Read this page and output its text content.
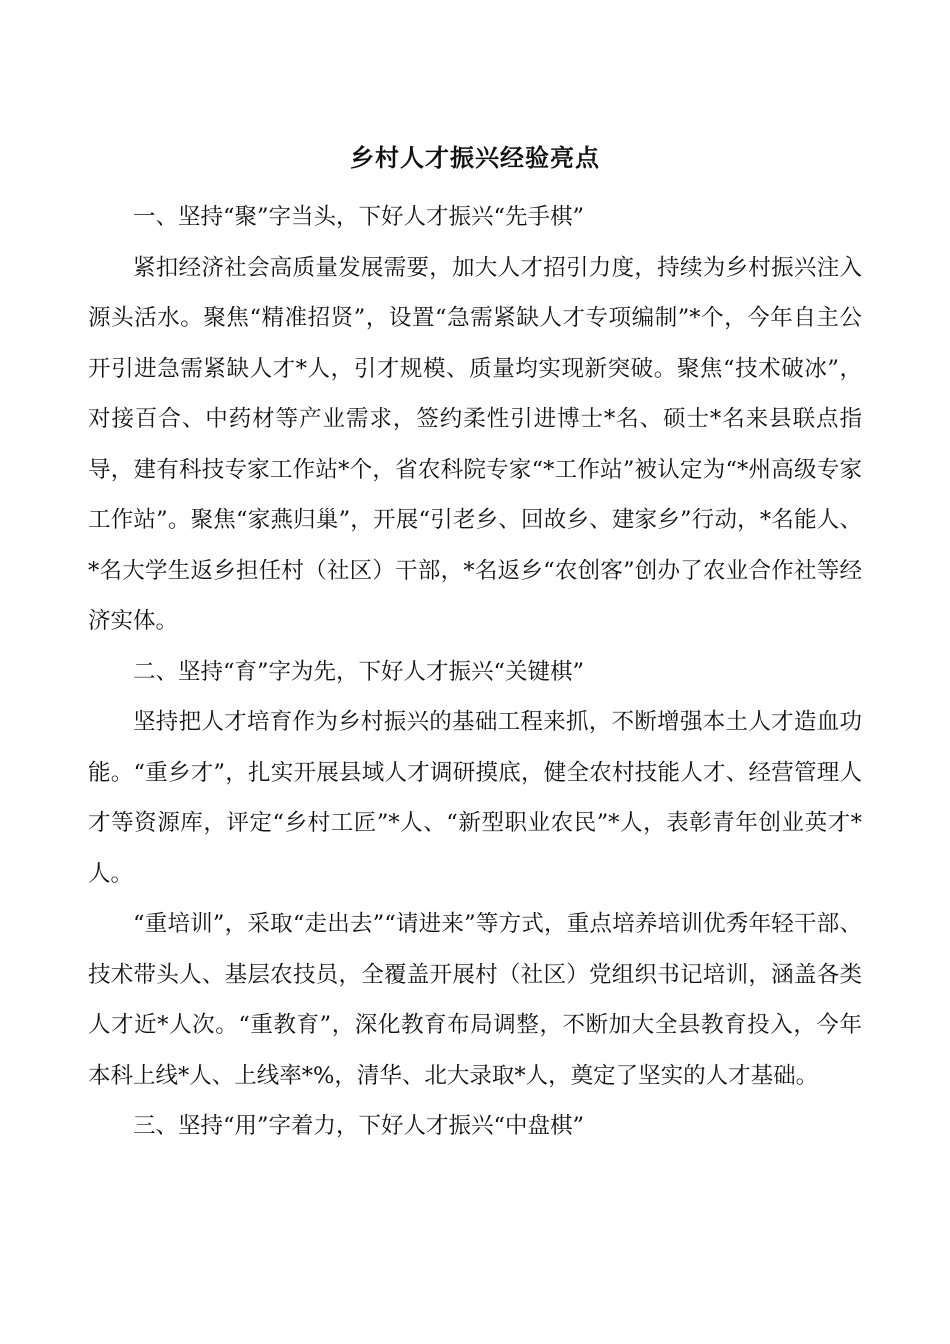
乡村人才振兴经验亮点

一、坚持“聚”字当头，下好人才振兴“先手棋”

紧扣经济社会高质量发展需要，加大人才招引力度，持续为乡村振兴注入源头活水。聚焦“精准招贤”，设置“急需紧缺人才专项编制”*个，今年自主公开引进急需紧缺人才*人，引才规模、质量均实现新突破。聚焦“技术破冰”，对接百合、中药材等产业需求，签约柔性引进博士*名、硕士*名来县联点指导，建有科技专家工作站*个，省农科院专家“*工作站”被认定为“*州高级专家工作站”。聚焦“家燕归巢”，开展“引老乡、回故乡、建家乡”行动，*名能人、*名大学生返乡担任村（社区）干部，*名返乡“农创客”创办了农业合作社等经济实体。

二、坚持“育”字为先，下好人才振兴“关键棋”

坚持把人才培育作为乡村振兴的基础工程来抓，不断增强本土人才造血功能。“重乡才”，扎实开展县域人才调研摸底，健全农村技能人才、经营管理人才等资源库，评定“乡村工匠”*人、“新型职业农民”*人，表彰青年创业英才*人。

“重培训”，采取“走出去”“请进来”等方式，重点培养培训优秀年轻干部、技术带头人、基层农技员，全覆盖开展村（社区）党组织书记培训，涵盖各类人才近*人次。“重教育”，深化教育布局调整，不断加大全县教育投入，今年本科上线*人、上线率*%，清华、北大录取*人，奠定了坚实的人才基础。

三、坚持“用”字着力，下好人才振兴“中盘棋”
